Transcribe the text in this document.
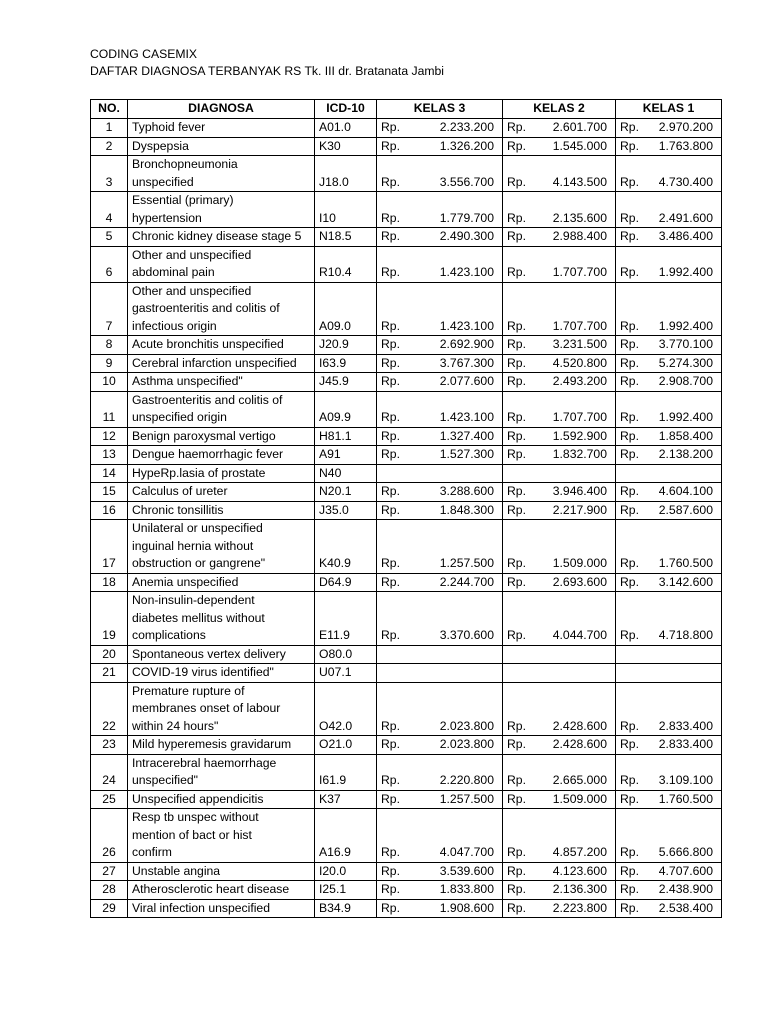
CODING CASEMIX
DAFTAR DIAGNOSA TERBANYAK RS Tk. III dr. Bratanata Jambi
NO.	DIAGNOSA	ICD-10	KELAS 3	KELAS 2	KELAS 1
1	Typhoid fever	A01.0	Rp. 2.233.200	Rp. 2.601.700	Rp. 2.970.200

2	Dyspepsia	K30	Rp. 1.326.200	Rp. 1.545.000	Rp. 1.763.800

3	Bronchopneumonia
unspecified	J18.0	Rp. 3.556.700	Rp. 4.143.500	Rp. 4.730.400

4	Essential (primary)
hypertension	I10	Rp. 1.779.700	Rp. 2.135.600	Rp. 2.491.600

5	Chronic kidney disease stage 5	N18.5	Rp. 2.490.300	Rp. 2.988.400	Rp. 3.486.400

6	Other and unspecified
abdominal pain	R10.4	Rp. 1.423.100	Rp. 1.707.700	Rp. 1.992.400

7	Other and unspecified
gastroenteritis and colitis of
infectious origin	A09.0	Rp. 1.423.100	Rp. 1.707.700	Rp. 1.992.400

8	Acute bronchitis unspecified	J20.9	Rp. 2.692.900	Rp. 3.231.500	Rp. 3.770.100

9	Cerebral infarction unspecified	I63.9	Rp. 3.767.300	Rp. 4.520.800	Rp. 5.274.300

10	Asthma unspecified"	J45.9	Rp. 2.077.600	Rp. 2.493.200	Rp. 2.908.700

11	Gastroenteritis and colitis of
unspecified origin	A09.9	Rp. 1.423.100	Rp. 1.707.700	Rp. 1.992.400

12	Benign paroxysmal vertigo	H81.1	Rp. 1.327.400	Rp. 1.592.900	Rp. 1.858.400

13	Dengue haemorrhagic fever	A91	Rp. 1.527.300	Rp. 1.832.700	Rp. 2.138.200

14	HypeRp.lasia of prostate	N40			
15	Calculus of ureter	N20.1	Rp. 3.288.600	Rp. 3.946.400	Rp. 4.604.100

16	Chronic tonsillitis	J35.0	Rp. 1.848.300	Rp. 2.217.900	Rp. 2.587.600

17	Unilateral or unspecified
inguinal hernia without
obstruction or gangrene"	K40.9	Rp. 1.257.500	Rp. 1.509.000	Rp. 1.760.500

18	Anemia unspecified	D64.9	Rp. 2.244.700	Rp. 2.693.600	Rp. 3.142.600

19	Non-insulin-dependent
diabetes mellitus without
complications	E11.9	Rp. 3.370.600	Rp. 4.044.700	Rp. 4.718.800

20	Spontaneous vertex delivery	O80.0			
21	COVID-19 virus identified"	U07.1			
22	Premature rupture of
membranes onset of labour
within 24 hours"	O42.0	Rp. 2.023.800	Rp. 2.428.600	Rp. 2.833.400

23	Mild hyperemesis gravidarum	O21.0	Rp. 2.023.800	Rp. 2.428.600	Rp. 2.833.400

24	Intracerebral haemorrhage
unspecified"	I61.9	Rp. 2.220.800	Rp. 2.665.000	Rp. 3.109.100

25	Unspecified appendicitis	K37	Rp. 1.257.500	Rp. 1.509.000	Rp. 1.760.500

26	Resp tb unspec without
mention of bact or hist
confirm	A16.9	Rp. 4.047.700	Rp. 4.857.200	Rp. 5.666.800

27	Unstable angina	I20.0	Rp. 3.539.600	Rp. 4.123.600	Rp. 4.707.600

28	Atherosclerotic heart disease	I25.1	Rp. 1.833.800	Rp. 2.136.300	Rp. 2.438.900

29	Viral infection unspecified	B34.9	Rp. 1.908.600	Rp. 2.223.800	Rp. 2.538.400
